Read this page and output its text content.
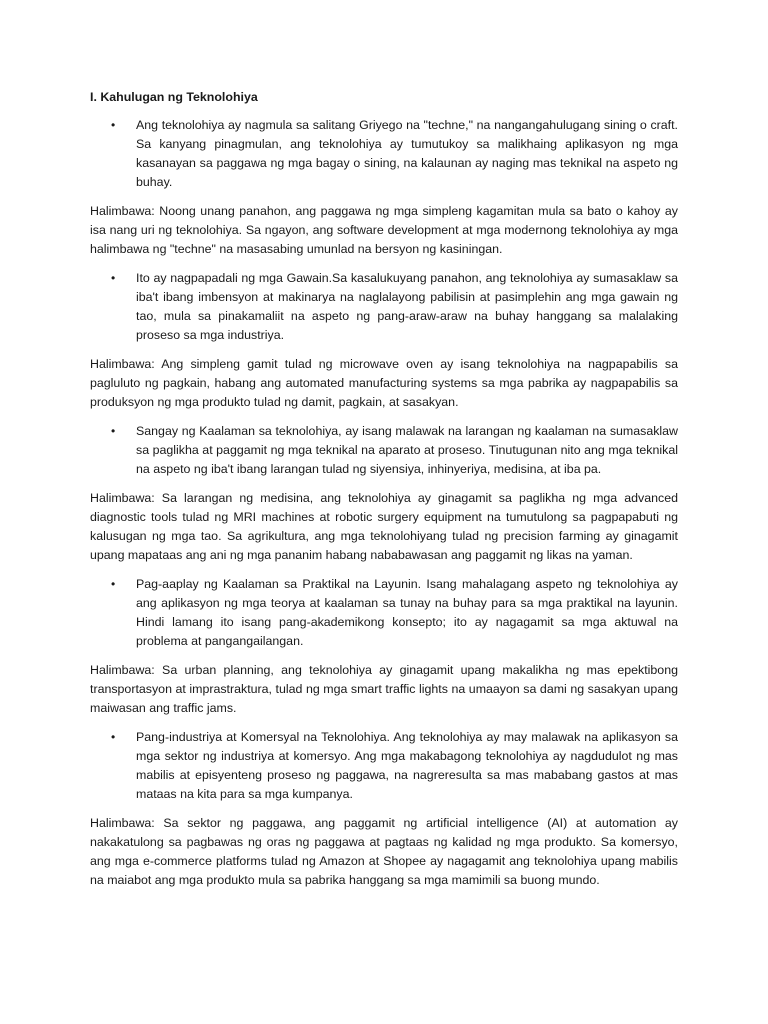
I. Kahulugan ng Teknolohiya
• Ang teknolohiya ay nagmula sa salitang Griyego na "techne," na nangangahulugang sining o craft. Sa kanyang pinagmulan, ang teknolohiya ay tumutukoy sa malikhaing aplikasyon ng mga kasanayan sa paggawa ng mga bagay o sining, na kalaunan ay naging mas teknikal na aspeto ng buhay.
Halimbawa: Noong unang panahon, ang paggawa ng mga simpleng kagamitan mula sa bato o kahoy ay isa nang uri ng teknolohiya. Sa ngayon, ang software development at mga modernong teknolohiya ay mga halimbawa ng "techne" na masasabing umunlad na bersyon ng kasiningan.
• Ito ay nagpapadali ng mga Gawain.Sa kasalukuyang panahon, ang teknolohiya ay sumasaklaw sa iba't ibang imbensyon at makinarya na naglalayong pabilisin at pasimplehin ang mga gawain ng tao, mula sa pinakamaliit na aspeto ng pang-araw-araw na buhay hanggang sa malalaking proseso sa mga industriya.
Halimbawa: Ang simpleng gamit tulad ng microwave oven ay isang teknolohiya na nagpapabilis sa pagluluto ng pagkain, habang ang automated manufacturing systems sa mga pabrika ay nagpapabilis sa produksyon ng mga produkto tulad ng damit, pagkain, at sasakyan.
• Sangay ng Kaalaman sa teknolohiya, ay isang malawak na larangan ng kaalaman na sumasaklaw sa paglikha at paggamit ng mga teknikal na aparato at proseso. Tinutugunan nito ang mga teknikal na aspeto ng iba't ibang larangan tulad ng siyensiya, inhinyeriya, medisina, at iba pa.
Halimbawa: Sa larangan ng medisina, ang teknolohiya ay ginagamit sa paglikha ng mga advanced diagnostic tools tulad ng MRI machines at robotic surgery equipment na tumutulong sa pagpapabuti ng kalusugan ng mga tao. Sa agrikultura, ang mga teknolohiyang tulad ng precision farming ay ginagamit upang mapataas ang ani ng mga pananim habang nababawasan ang paggamit ng likas na yaman.
• Pag-aaplay ng Kaalaman sa Praktikal na Layunin. Isang mahalagang aspeto ng teknolohiya ay ang aplikasyon ng mga teorya at kaalaman sa tunay na buhay para sa mga praktikal na layunin. Hindi lamang ito isang pang-akademikong konsepto; ito ay nagagamit sa mga aktuwal na problema at pangangailangan.
Halimbawa: Sa urban planning, ang teknolohiya ay ginagamit upang makalikha ng mas epektibong transportasyon at imprastraktura, tulad ng mga smart traffic lights na umaayon sa dami ng sasakyan upang maiwasan ang traffic jams.
• Pang-industriya at Komersyal na Teknolohiya. Ang teknolohiya ay may malawak na aplikasyon sa mga sektor ng industriya at komersyo. Ang mga makabagong teknolohiya ay nagdudulot ng mas mabilis at episyenteng proseso ng paggawa, na nagreresulta sa mas mababang gastos at mas mataas na kita para sa mga kumpanya.
Halimbawa: Sa sektor ng paggawa, ang paggamit ng artificial intelligence (AI) at automation ay nakakatulong sa pagbawas ng oras ng paggawa at pagtaas ng kalidad ng mga produkto. Sa komersyo, ang mga e-commerce platforms tulad ng Amazon at Shopee ay nagagamit ang teknolohiya upang mabilis na maiabot ang mga produkto mula sa pabrika hanggang sa mga mamimili sa buong mundo.
